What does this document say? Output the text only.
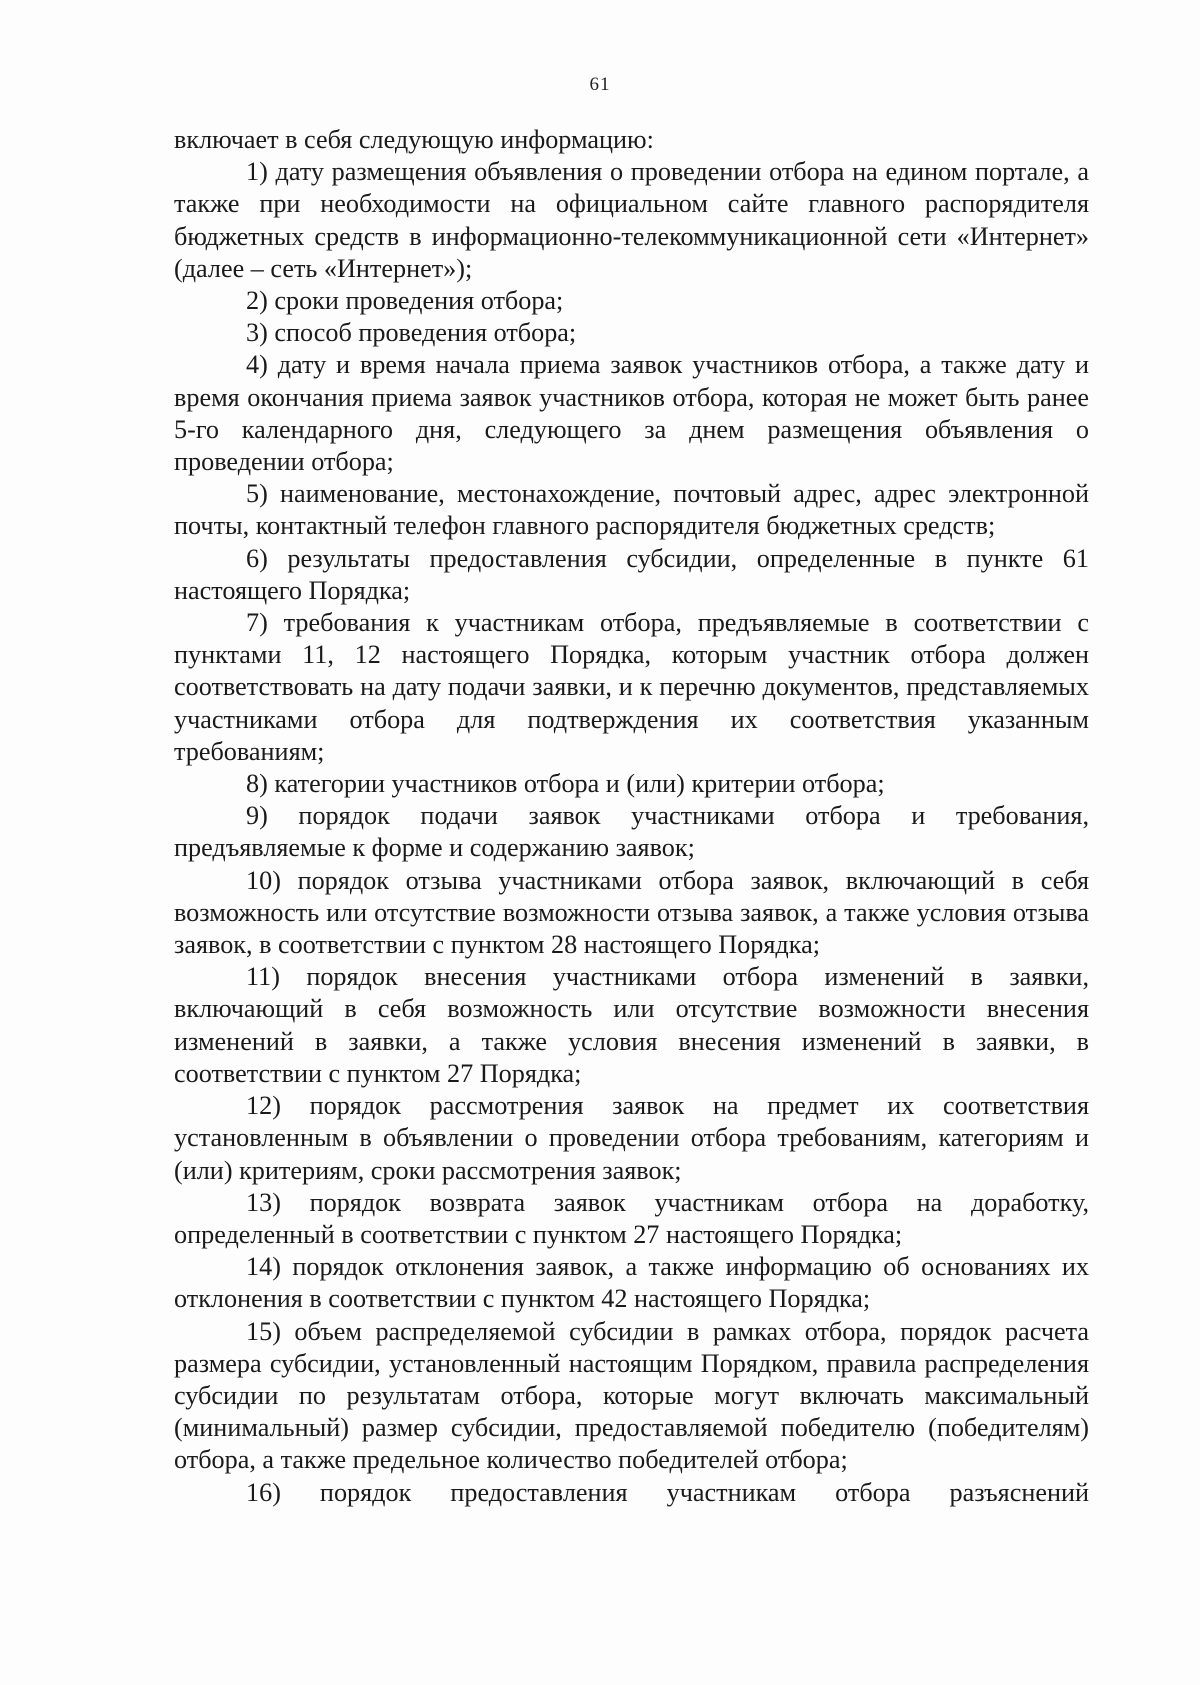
61

включает в себя следующую информацию:

1) дату размещения объявления о проведении отбора на едином портале, а также при необходимости на официальном сайте главного распорядителя бюджетных средств в информационно-телекоммуникационной сети «Интернет» (далее – сеть «Интернет»);

2) сроки проведения отбора;

3) способ проведения отбора;

4) дату и время начала приема заявок участников отбора, а также дату и время окончания приема заявок участников отбора, которая не может быть ранее 5-го календарного дня, следующего за днем размещения объявления о проведении отбора;

5) наименование, местонахождение, почтовый адрес, адрес электронной почты, контактный телефон главного распорядителя бюджетных средств;

6) результаты предоставления субсидии, определенные в пункте 61 настоящего Порядка;

7) требования к участникам отбора, предъявляемые в соответствии с пунктами 11, 12 настоящего Порядка, которым участник отбора должен соответствовать на дату подачи заявки, и к перечню документов, представляемых участниками отбора для подтверждения их соответствия указанным требованиям;

8) категории участников отбора и (или) критерии отбора;

9) порядок подачи заявок участниками отбора и требования, предъявляемые к форме и содержанию заявок;

10) порядок отзыва участниками отбора заявок, включающий в себя возможность или отсутствие возможности отзыва заявок, а также условия отзыва заявок, в соответствии с пунктом 28 настоящего Порядка;

11) порядок внесения участниками отбора изменений в заявки, включающий в себя возможность или отсутствие возможности внесения изменений в заявки, а также условия внесения изменений в заявки, в соответствии с пунктом 27 Порядка;

12) порядок рассмотрения заявок на предмет их соответствия установленным в объявлении о проведении отбора требованиям, категориям и (или) критериям, сроки рассмотрения заявок;

13) порядок возврата заявок участникам отбора на доработку, определенный в соответствии с пунктом 27 настоящего Порядка;

14) порядок отклонения заявок, а также информацию об основаниях их отклонения в соответствии с пунктом 42 настоящего Порядка;

15) объем распределяемой субсидии в рамках отбора, порядок расчета размера субсидии, установленный настоящим Порядком, правила распределения субсидии по результатам отбора, которые могут включать максимальный (минимальный) размер субсидии, предоставляемой победителю (победителям) отбора, а также предельное количество победителей отбора;

16) порядок предоставления участникам отбора разъяснений
